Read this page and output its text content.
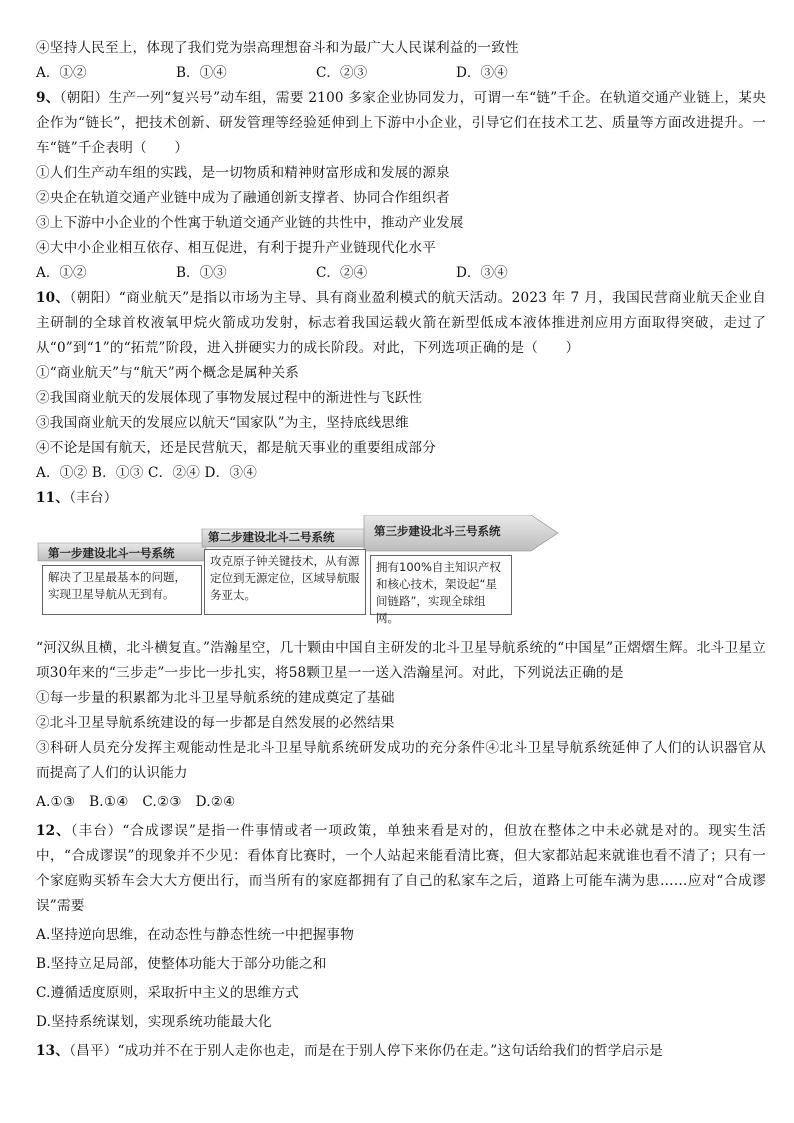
④坚持人民至上，体现了我们党为崇高理想奋斗和为最广大人民谋利益的一致性
A．①②	B．①④	C．②③	D．③④
9、（朝阳）生产一列“复兴号”动车组，需要 2100 多家企业协同发力，可谓一车“链”千企。在轨道交通产业链上，某央企作为“链长”，把技术创新、研发管理等经验延伸到上下游中小企业，引导它们在技术工艺、质量等方面改进提升。一车“链”千企表明（　　）
①人们生产动车组的实践，是一切物质和精神财富形成和发展的源泉
②央企在轨道交通产业链中成为了融通创新支撑者、协同合作组织者
③上下游中小企业的个性寓于轨道交通产业链的共性中，推动产业发展
④大中小企业相互依存、相互促进，有利于提升产业链现代化水平
A．①②	B．①③	C．②④	D．③④
10、（朝阳）“商业航天”是指以市场为主导、具有商业盈利模式的航天活动。2023 年 7 月，我国民营商业航天企业自主研制的全球首枚液氧甲烷火箭成功发射，标志着我国运载火箭在新型低成本液体推进剂应用方面取得突破，走过了从“0”到“1”的“拓荒”阶段，进入拼硬实力的成长阶段。对此，下列选项正确的是（　　）
①“商业航天”与“航天”两个概念是属种关系
②我国商业航天的发展体现了事物发展过程中的渐进性与飞跃性
③我国商业航天的发展应以航天“国家队”为主，坚持底线思维
④不论是国有航天，还是民营航天，都是航天事业的重要组成部分
A．①② B．①③ C．②④ D．③④
11、（丰台）
第一步建设北斗一号系统
第二步建设北斗二号系统	第三步建设北斗三号系统
解决了卫星最基本的问题，实现卫星导航从无到有。
攻克原子钟关键技术，从有源定位到无源定位，区域导航服务亚太。
拥有100%自主知识产权和核心技术，架设起“星间链路”，实现全球组网。
“河汉纵且横，北斗横复直。”浩瀚星空，几十颗由中国自主研发的北斗卫星导航系统的“中国星”正熠熠生辉。北斗卫星立项30年来的“三步走”一步比一步扎实，将58颗卫星一一送入浩瀚星河。对此，下列说法正确的是
①每一步量的积累都为北斗卫星导航系统的建成奠定了基础
②北斗卫星导航系统建设的每一步都是自然发展的必然结果
③科研人员充分发挥主观能动性是北斗卫星导航系统研发成功的充分条件④北斗卫星导航系统延伸了人们的认识器官从而提高了人们的认识能力
A.①③　B.①④　C.②③　D.②④
12、（丰台）“合成谬误”是指一件事情或者一项政策，单独来看是对的，但放在整体之中未必就是对的。现实生活中，“合成谬误”的现象并不少见：看体育比赛时，一个人站起来能看清比赛，但大家都站起来就谁也看不清了；只有一个家庭购买轿车会大大方便出行，而当所有的家庭都拥有了自己的私家车之后，道路上可能车满为患……应对“合成谬误”需要
A.坚持逆向思维，在动态性与静态性统一中把握事物
B.坚持立足局部，使整体功能大于部分功能之和
C.遵循适度原则，采取折中主义的思维方式
D.坚持系统谋划，实现系统功能最大化
13、（昌平）“成功并不在于别人走你也走，而是在于别人停下来你仍在走。”这句话给我们的哲学启示是
